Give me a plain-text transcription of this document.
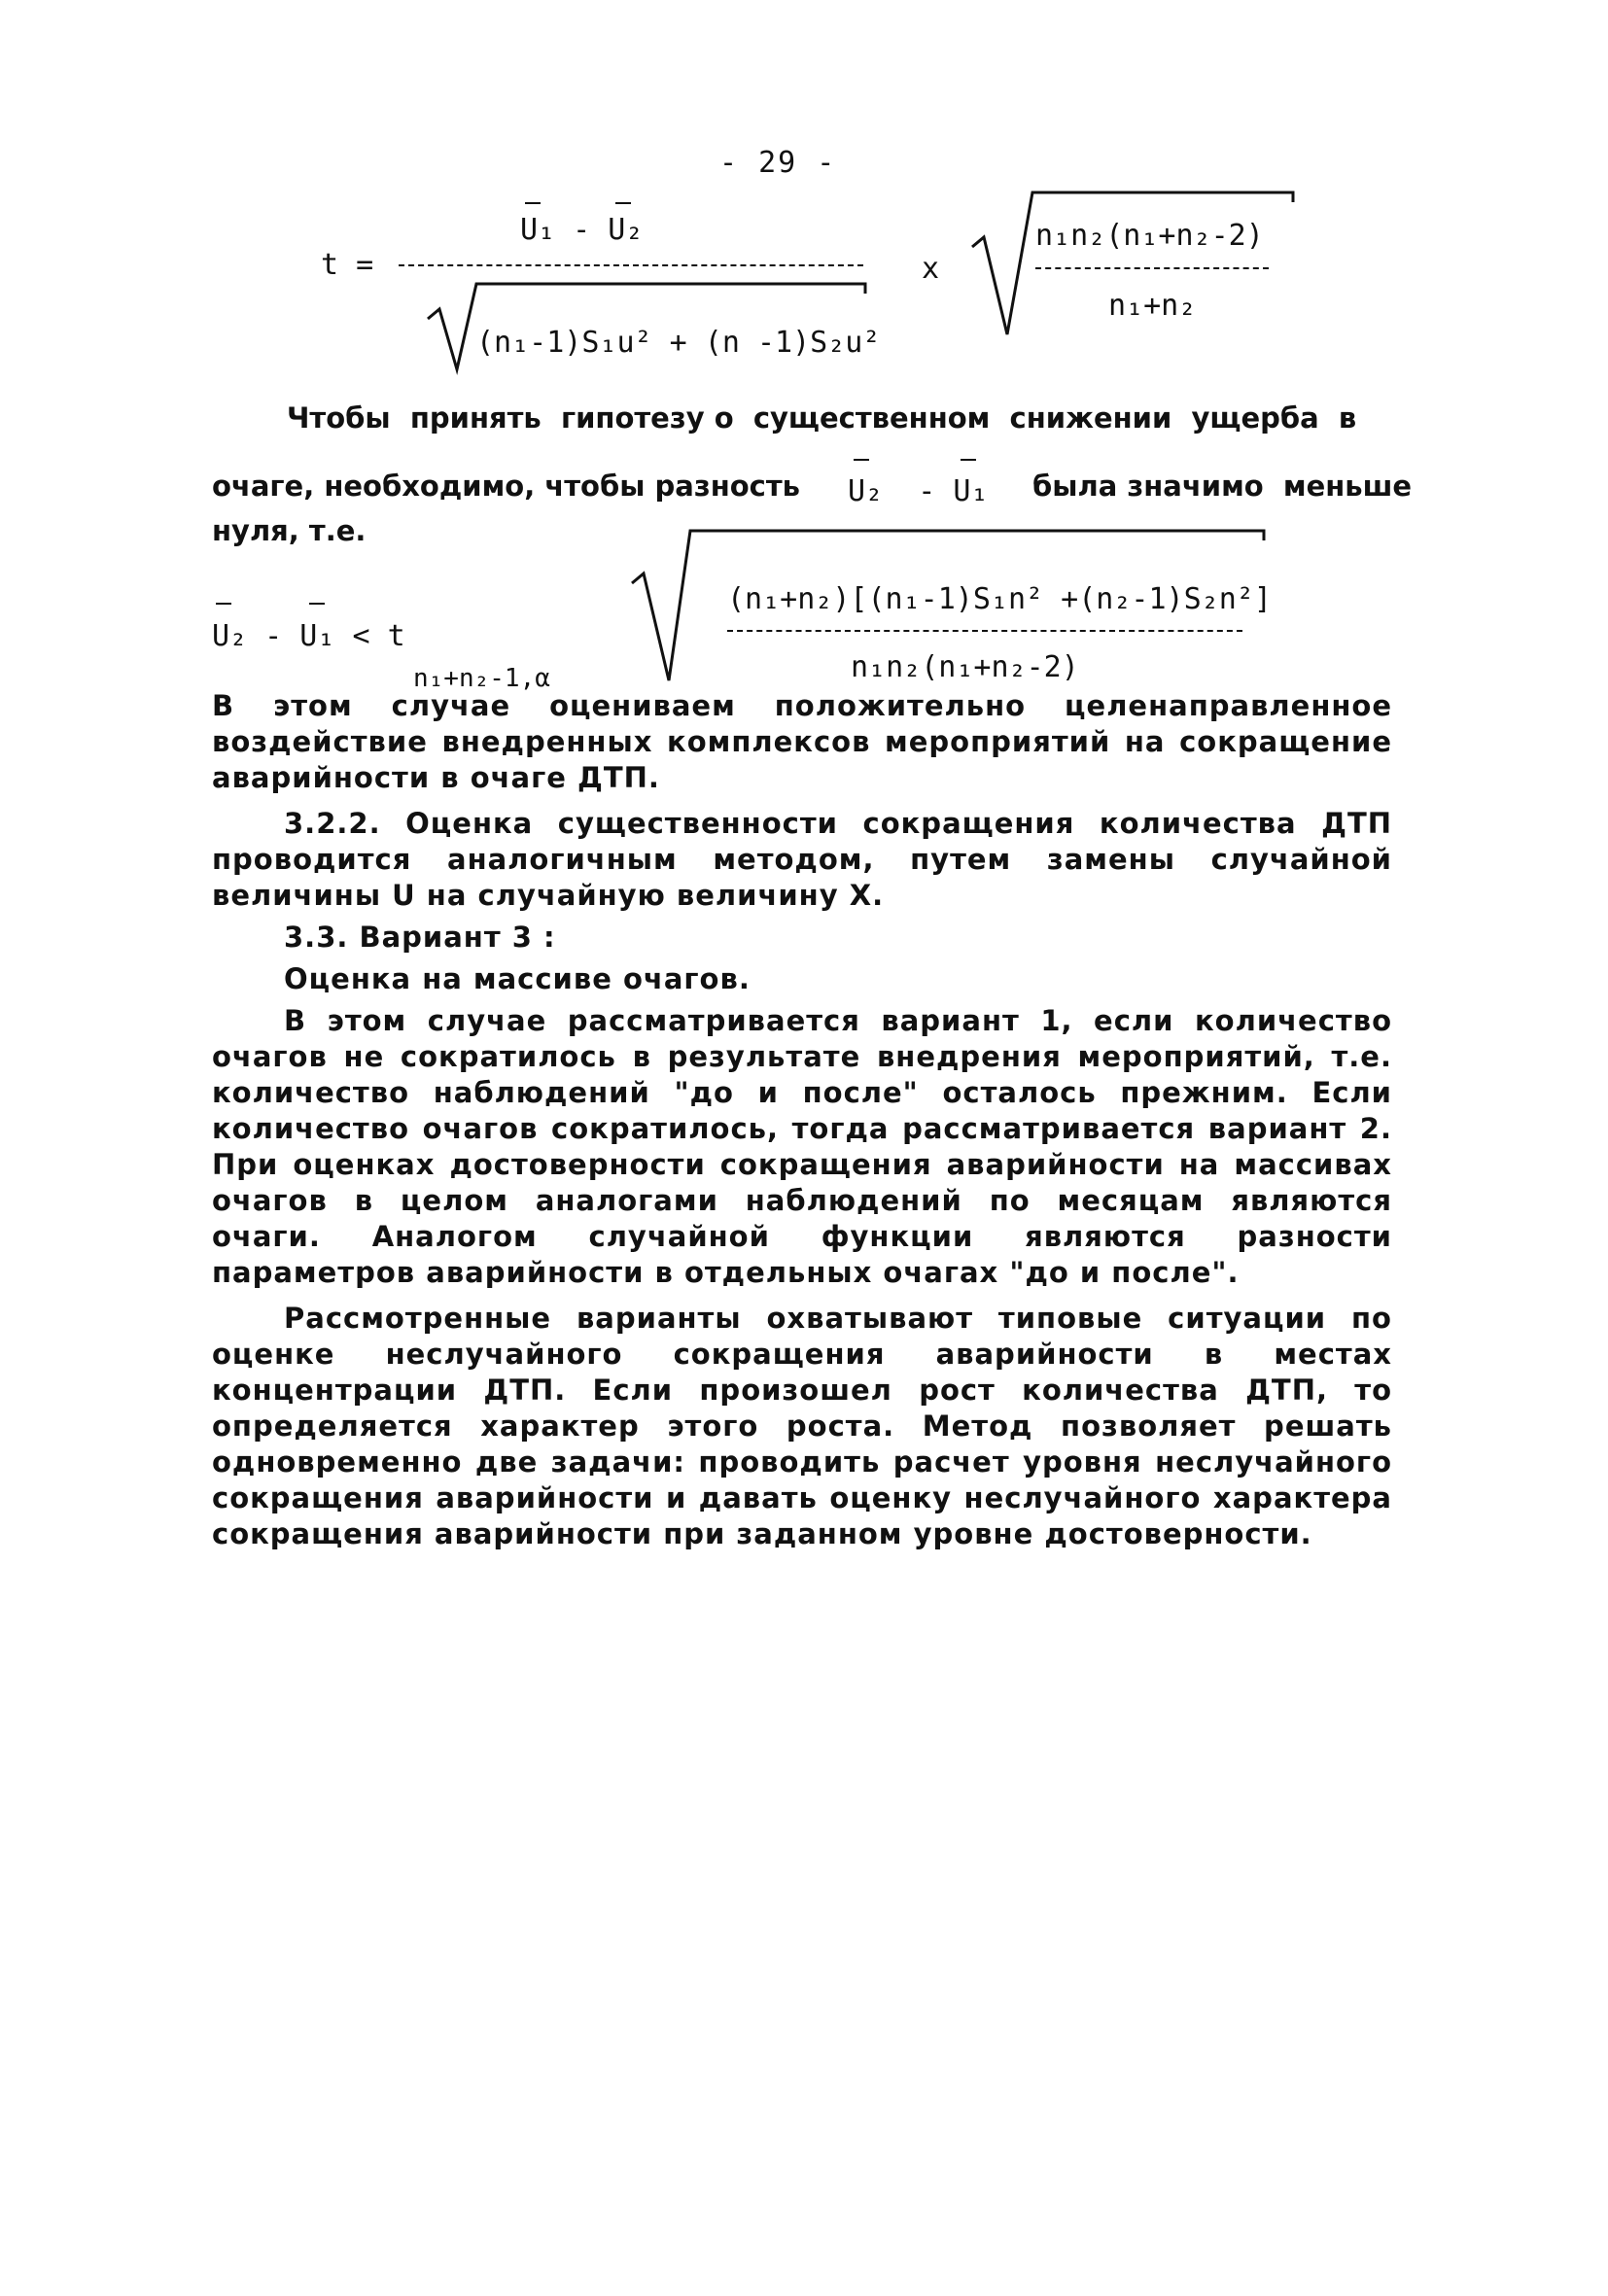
- 29 -
t =
U₁ - U₂
(n₁-1)S₁u² + (n -1)S₂u²
x
n₁n₂(n₁+n₂-2)
n₁+n₂
Чтобы  принять  гипотезу о  существенном  снижении  ущерба  в
очаге, необходимо, чтобы разность U₂  - U₁ была значимо  меньше
нуля, т.е.
U₂ - U₁ < t
n₁+n₂-1,α
(n₁+n₂)[(n₁-1)S₁n² +(n₂-1)S₂n²]
n₁n₂(n₁+n₂-2)

В этом случае оцениваем положительно целенаправленное воздействие внедренных комплексов мероприятий на сокращение аварийности в очаге ДТП.

3.2.2. Оценка существенности сокращения количества ДТП проводится аналогичным методом, путем замены случайной величины U на случайную величину Х.

3.3. Вариант 3 :

Оценка на массиве очагов.

В этом случае рассматривается вариант 1, если количество очагов не сократилось в результате внедрения мероприятий, т.е. количество наблюдений "до и после" осталось прежним. Если количество очагов сократилось, тогда рассматривается вариант 2. При оценках достоверности сокращения аварийности на массивах очагов в целом аналогами наблюдений по месяцам являются очаги. Аналогом случайной функции являются разности параметров аварийности в отдельных очагах "до и после".

Рассмотренные варианты охватывают типовые ситуации по оценке неслучайного сокращения аварийности в местах концентрации ДТП. Если произошел рост количества ДТП, то определяется характер этого роста. Метод позволяет решать одновременно две задачи: проводить расчет уровня неслучайного сокращения аварийности и давать оценку неслучайного характера сокращения аварийности при заданном уровне достоверности.
